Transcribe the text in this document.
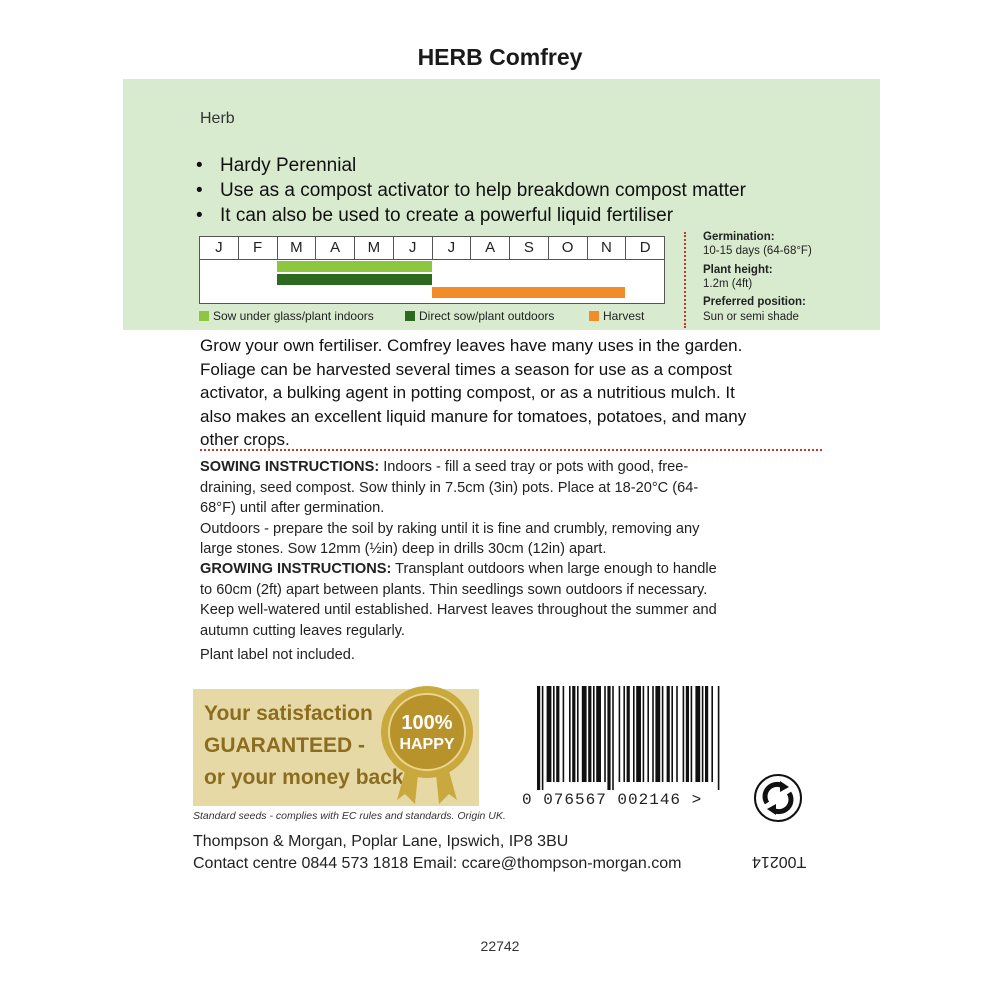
HERB Comfrey
Herb
• Hardy Perennial
• Use as a compost activator to help breakdown compost matter
• It can also be used to create a powerful liquid fertiliser
J	F	M	A	M	J	J	A	S	O	N	D
Sow under glass/plant indoors	Direct sow/plant outdoors	Harvest
Germination:
10-15 days (64-68°F)
Plant height:
1.2m (4ft)
Preferred position:
Sun or semi shade
Grow your own fertiliser. Comfrey leaves have many uses in the garden.
Foliage can be harvested several times a season for use as a compost
activator, a bulking agent in potting compost, or as a nutritious mulch. It
also makes an excellent liquid manure for tomatoes, potatoes, and many
other crops.
SOWING INSTRUCTIONS: Indoors - fill a seed tray or pots with good, free-
draining, seed compost. Sow thinly in 7.5cm (3in) pots. Place at 18-20°C (64-
68°F) until after germination.
Outdoors - prepare the soil by raking until it is fine and crumbly, removing any
large stones. Sow 12mm (½in) deep in drills 30cm (12in) apart.
GROWING INSTRUCTIONS: Transplant outdoors when large enough to handle
to 60cm (2ft) apart between plants. Thin seedlings sown outdoors if necessary.
Keep well-watered until established. Harvest leaves throughout the summer and
autumn cutting leaves regularly.
Plant label not included.
Your satisfaction
GUARANTEED -
or your money back
100%
HAPPY
0 076567 002146 >
Standard seeds - complies with EC rules and standards. Origin UK.
Thompson & Morgan, Poplar Lane, Ipswich, IP8 3BU
Contact centre 0844 573 1818 Email: ccare@thompson-morgan.com	T00214
22742
